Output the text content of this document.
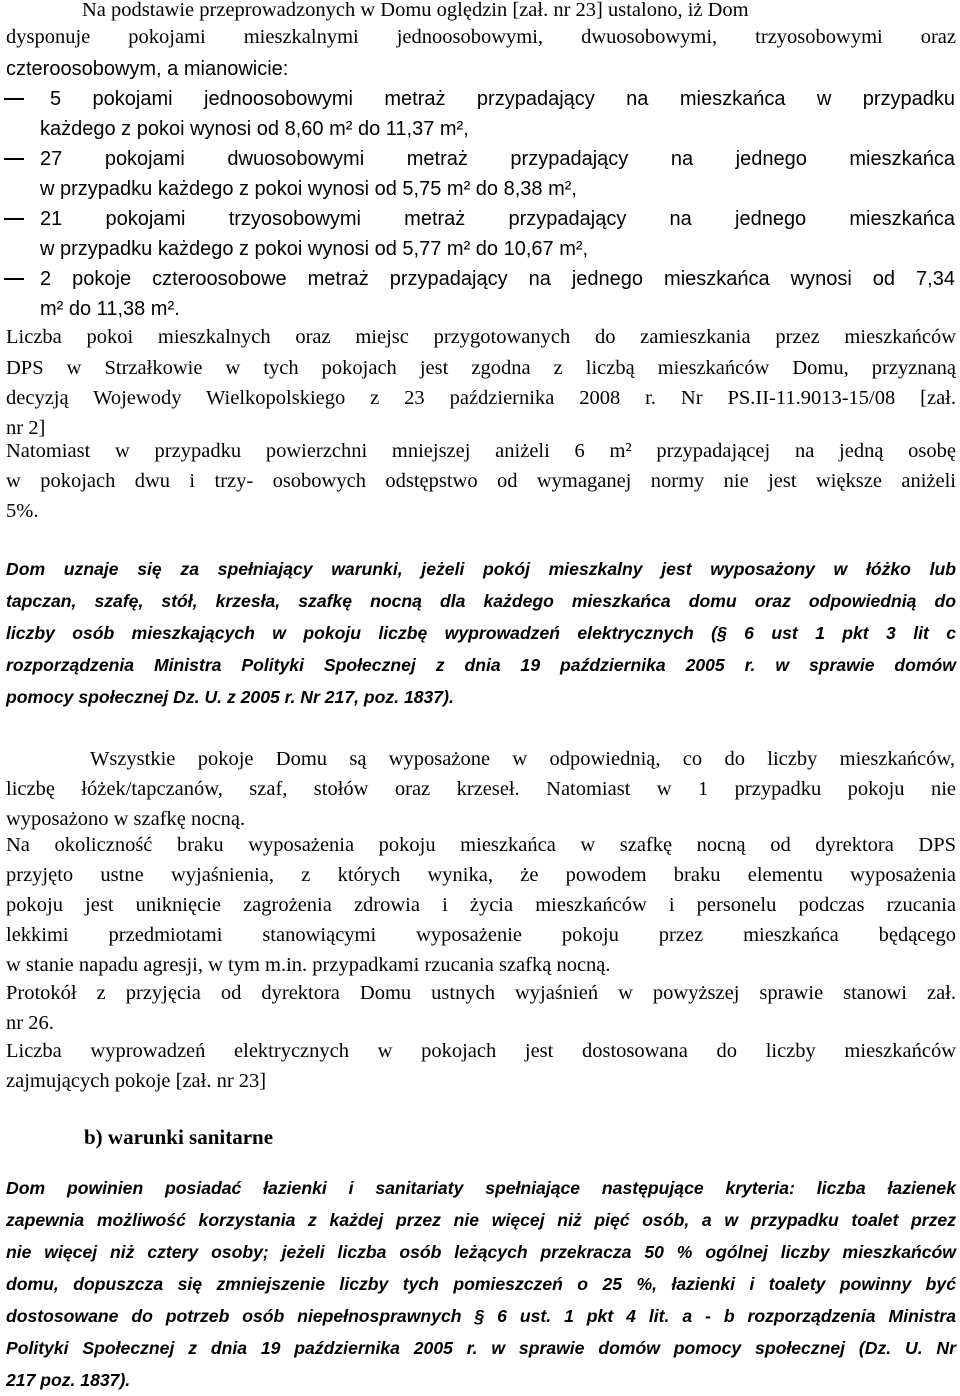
Na podstawie przeprowadzonych w Domu oględzin [zał. nr 23] ustalono, iż Dom
dysponuje pokojami mieszkalnymi jednoosobowymi, dwuosobowymi, trzyosobowymi oraz
czteroosobowym, a mianowicie:
5 pokojami jednoosobowymi metraż przypadający na mieszkańca w przypadku
każdego z pokoi wynosi od 8,60 m² do 11,37 m²,
27 pokojami dwuosobowymi metraż przypadający na jednego mieszkańca
w przypadku każdego z pokoi wynosi od 5,75 m² do 8,38 m²,
21 pokojami trzyosobowymi metraż przypadający na jednego mieszkańca
w przypadku każdego z pokoi wynosi od 5,77 m² do 10,67 m²,
2 pokoje czteroosobowe metraż przypadający na jednego mieszkańca wynosi od 7,34
m² do 11,38 m².
Liczba pokoi mieszkalnych oraz miejsc przygotowanych do zamieszkania przez mieszkańców
DPS w Strzałkowie w tych pokojach jest zgodna z liczbą mieszkańców Domu, przyznaną
decyzją Wojewody Wielkopolskiego z 23 października 2008 r. Nr PS.II-11.9013-15/08 [zał.
nr 2]
Natomiast w przypadku powierzchni mniejszej aniżeli 6 m² przypadającej na jedną osobę
w pokojach dwu i trzy- osobowych odstępstwo od wymaganej normy nie jest większe aniżeli
5%.
Dom uznaje się za spełniający warunki, jeżeli pokój mieszkalny jest wyposażony w łóżko lub
tapczan, szafę, stół, krzesła, szafkę nocną dla każdego mieszkańca domu oraz odpowiednią do
liczby osób mieszkających w pokoju liczbę wyprowadzeń elektrycznych (§ 6 ust 1 pkt 3 lit c
rozporządzenia Ministra Polityki Społecznej z dnia 19 października 2005 r. w sprawie domów
pomocy społecznej Dz. U. z 2005 r. Nr 217, poz. 1837).
Wszystkie pokoje Domu są wyposażone w odpowiednią, co do liczby mieszkańców,
liczbę łóżek/tapczanów, szaf, stołów oraz krzeseł. Natomiast w 1 przypadku pokoju nie
wyposażono w szafkę nocną.
Na okoliczność braku wyposażenia pokoju mieszkańca w szafkę nocną od dyrektora DPS
przyjęto ustne wyjaśnienia, z których wynika, że powodem braku elementu wyposażenia
pokoju jest uniknięcie zagrożenia zdrowia i życia mieszkańców i personelu podczas rzucania
lekkimi przedmiotami stanowiącymi wyposażenie pokoju przez mieszkańca będącego
w stanie napadu agresji, w tym m.in. przypadkami rzucania szafką nocną.
Protokół z przyjęcia od dyrektora Domu ustnych wyjaśnień w powyższej sprawie stanowi zał.
nr 26.
Liczba wyprowadzeń elektrycznych w pokojach jest dostosowana do liczby mieszkańców
zajmujących pokoje [zał. nr 23]
b) warunki sanitarne
Dom powinien posiadać łazienki i sanitariaty spełniające następujące kryteria: liczba łazienek
zapewnia możliwość korzystania z każdej przez nie więcej niż pięć osób, a w przypadku toalet przez
nie więcej niż cztery osoby; jeżeli liczba osób leżących przekracza 50 % ogólnej liczby mieszkańców
domu, dopuszcza się zmniejszenie liczby tych pomieszczeń o 25 %, łazienki i toalety powinny być
dostosowane do potrzeb osób niepełnosprawnych § 6 ust. 1 pkt 4 lit. a - b rozporządzenia Ministra
Polityki Społecznej z dnia 19 października 2005 r. w sprawie domów pomocy społecznej (Dz. U. Nr
217 poz. 1837).
